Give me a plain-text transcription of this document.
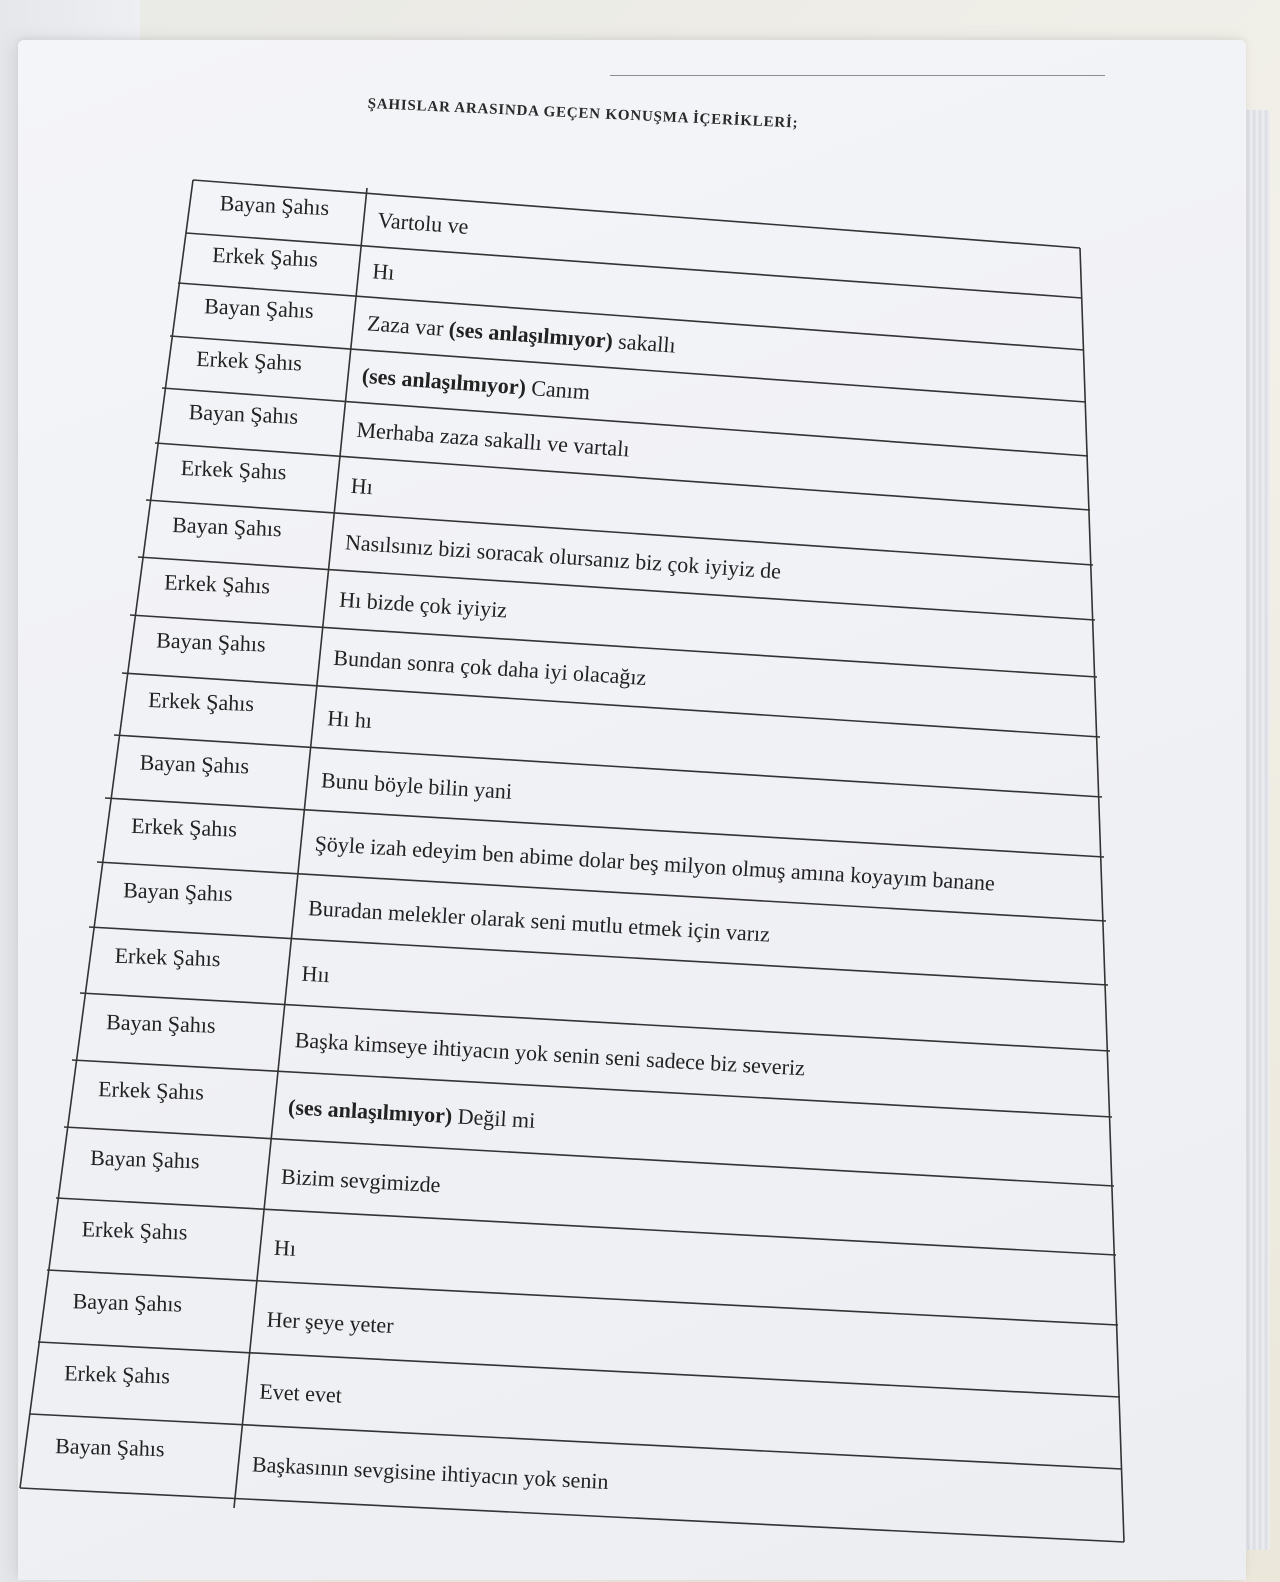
ŞAHISLAR ARASINDA GEÇEN KONUŞMA İÇERİKLERİ;
Bayan Şahıs
Vartolu ve
Erkek Şahıs Hı
Bayan Şahıs
Zaza var (ses anlaşılmıyor) sakallı
Erkek Şahıs
(ses anlaşılmıyor) Canım
Bayan Şahıs
Merhaba zaza sakallı ve vartalı
Erkek Şahıs
Hı
Bayan Şahıs
Nasılsınız bizi soracak olursanız biz çok iyiyiz de
Erkek Şahıs
Hı bizde çok iyiyiz
Bayan Şahıs
Bundan sonra çok daha iyi olacağız
Erkek Şahıs
Hı hı
Bayan Şahıs
Bunu böyle bilin yani
Erkek Şahıs
Şöyle izah edeyim ben abime dolar beş milyon olmuş amına koyayım banane
Bayan Şahıs
Buradan melekler olarak seni mutlu etmek için varız
Erkek Şahıs
Hıı
Bayan Şahıs
Başka kimseye ihtiyacın yok senin seni sadece biz severiz
Erkek Şahıs
(ses anlaşılmıyor) Değil mi
Bayan Şahıs
Bizim sevgimizde
Erkek Şahıs
Hı
Bayan Şahıs
Her şeye yeter
Erkek Şahıs
Evet evet
Bayan Şahıs
Başkasının sevgisine ihtiyacın yok senin
